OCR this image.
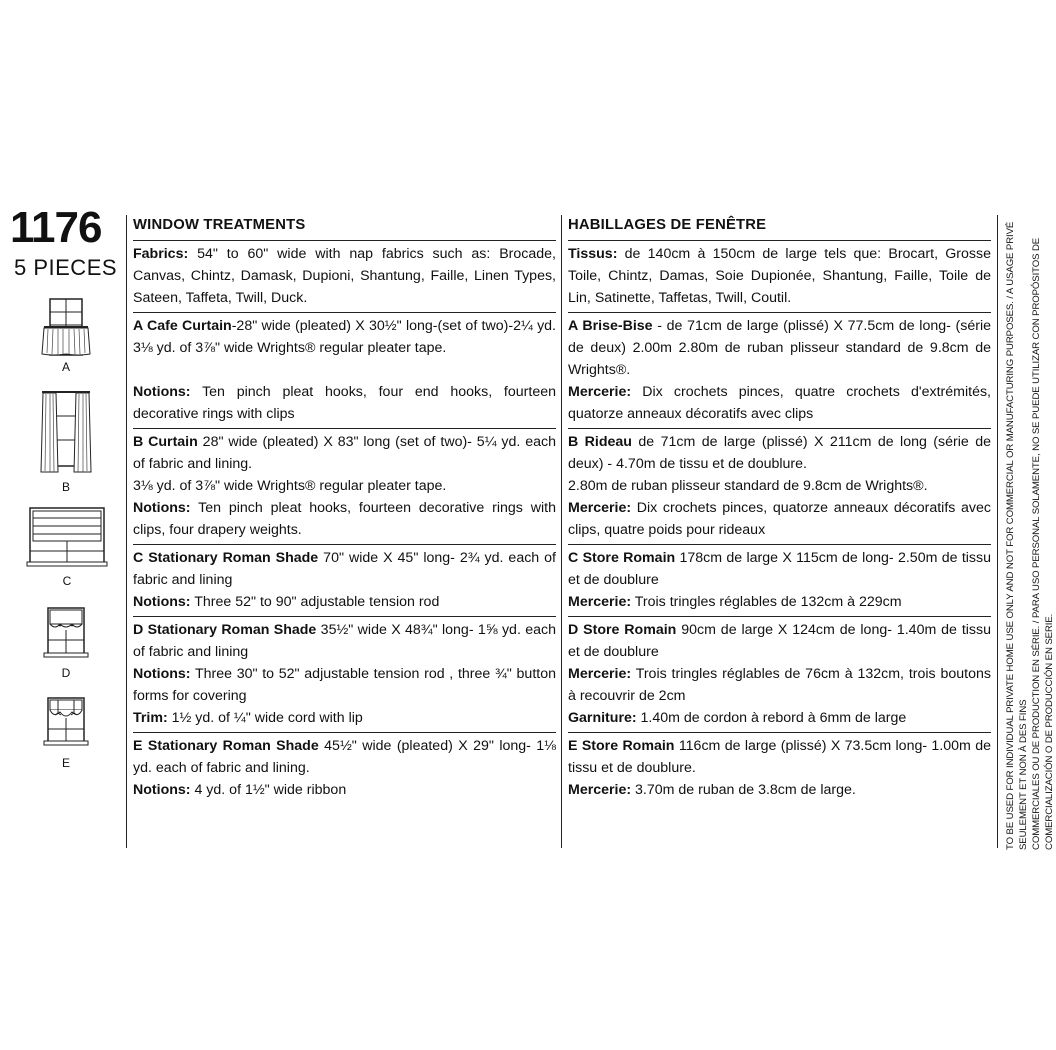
1176
5 PIECES
A
B
C
D
E
WINDOW TREATMENTS

Fabrics: 54" to 60" wide with nap fabrics such as: Brocade, Canvas, Chintz, Damask, Dupioni, Shantung, Faille, Linen Types, Sateen, Taffeta, Twill, Duck.

A Cafe Curtain-28" wide (pleated) X 30½" long-(set of two)-2¼ yd. 3⅛ yd. of 3⅞" wide Wrights® regular pleater tape.

Notions: Ten pinch pleat hooks, four end hooks, fourteen decorative rings with clips

B Curtain 28" wide (pleated) X 83" long (set of two)- 5¼ yd. each of fabric and lining.

3⅛ yd. of 3⅞" wide Wrights® regular pleater tape.

Notions: Ten pinch pleat hooks, fourteen decorative rings with clips, four drapery weights.

C Stationary Roman Shade 70" wide X 45" long- 2¾ yd. each of fabric and lining

Notions: Three 52" to 90" adjustable tension rod

D Stationary Roman Shade 35½" wide X 48¾" long- 1⅝ yd. each of fabric and lining

Notions: Three 30" to 52" adjustable tension rod , three ¾" button forms for covering

Trim: 1½ yd. of ¼" wide cord with lip

E Stationary Roman Shade 45½" wide (pleated) X 29" long- 1⅛ yd. each of fabric and lining.

Notions: 4 yd. of 1½" wide ribbon

HABILLAGES DE FENÊTRE

Tissus: de 140cm à 150cm de large tels que: Brocart, Grosse Toile, Chintz, Damas, Soie Dupionée, Shantung, Faille, Toile de Lin, Satinette, Taffetas, Twill, Coutil.

A Brise-Bise - de 71cm de large (plissé) X 77.5cm de long- (série de deux) 2.00m 2.80m de ruban plisseur standard de 9.8cm de Wrights®.

Mercerie: Dix crochets pinces, quatre crochets d'extrémités, quatorze anneaux décoratifs avec clips

B Rideau de 71cm de large (plissé) X 211cm de long (série de deux) - 4.70m de tissu et de doublure.

2.80m de ruban plisseur standard de 9.8cm de Wrights®.

Mercerie: Dix crochets pinces, quatorze anneaux décoratifs avec clips, quatre poids pour rideaux

C Store Romain 178cm de large X 115cm de long- 2.50m de tissu et de doublure

Mercerie: Trois tringles réglables de 132cm à 229cm

D Store Romain 90cm de large X 124cm de long- 1.40m de tissu et de doublure

Mercerie: Trois tringles réglables de 76cm à 132cm, trois boutons à recouvrir de 2cm

Garniture: 1.40m de cordon à rebord à 6mm de large

E Store Romain 116cm de large (plissé) X 73.5cm long- 1.00m de tissu et de doublure.

Mercerie: 3.70m de ruban de 3.8cm de large.	TO BE USED FOR INDIVIDUAL PRIVATE HOME USE ONLY AND NOT FOR COMMERCIAL OR MANUFACTURING PURPOSES. / A USAGE PRIVÉ SEULEMENT ET NON À DES FINS COMMERCIALES OU DE PRODUCTION EN SÉRIE. / PARA USO PERSONAL SOLAMENTE, NO SE PUEDE UTILIZAR CON PROPÓSITOS DE COMERCIALIZACIÓN O DE PRODUCCIÓN EN SERIE.
